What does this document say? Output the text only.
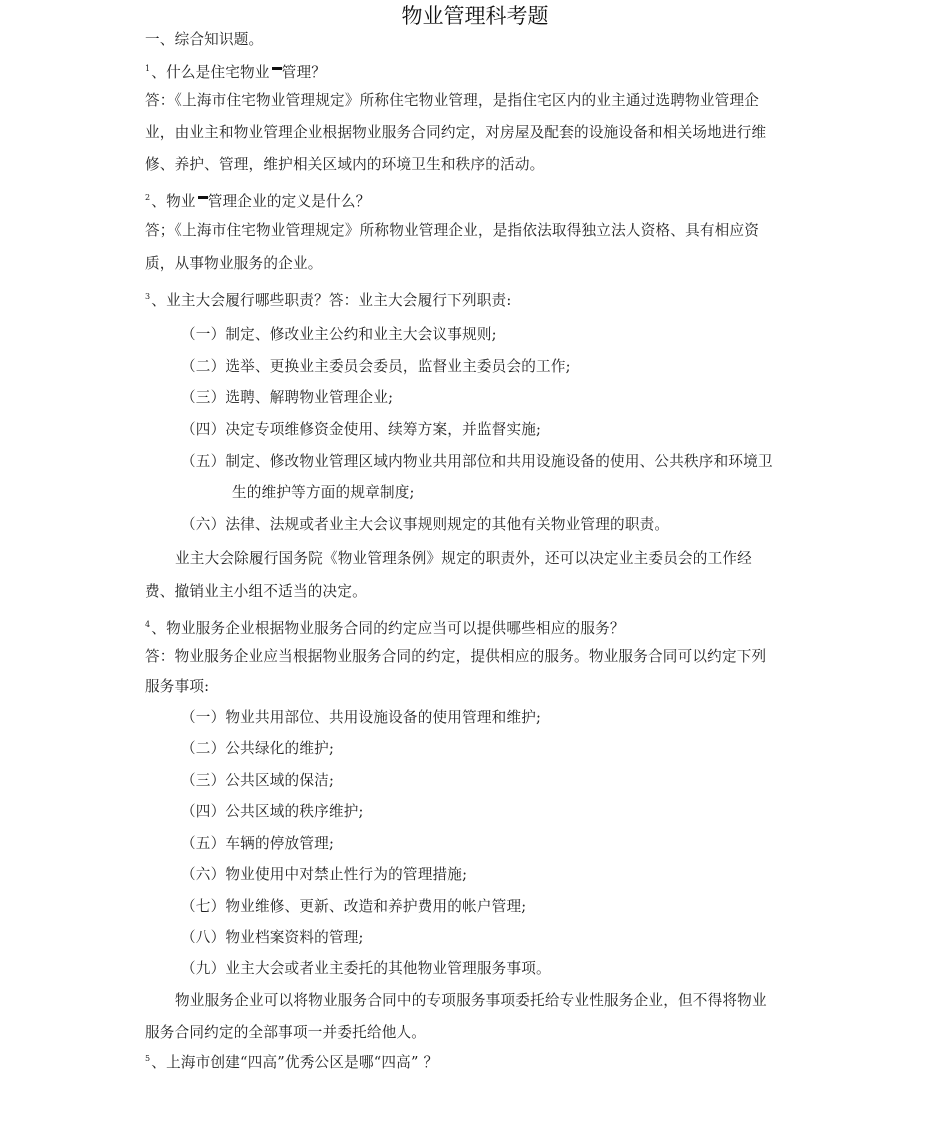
物业管理科考题
一、综合知识题。
$^1$、什么是住宅物业 管理？
答：《上海市住宅物业管理规定》所称住宅物业管理，是指住宅区内的业主通过选聘物业管理企
业，由业主和物业管理企业根据物业服务合同约定，对房屋及配套的设施设备和相关场地进行维
修、养护、管理，维护相关区域内的环境卫生和秩序的活动。
$^2$、物业 管理企业的定义是什么？
答；《上海市住宅物业管理规定》所称物业管理企业，是指依法取得独立法人资格、具有相应资
质，从事物业服务的企业。
$^3$、业主大会履行哪些职责？答：业主大会履行下列职责:
（一）制定、修改业主公约和业主大会议事规则;
（二）选举、更换业主委员会委员，监督业主委员会的工作;
（三）选聘、解聘物业管理企业;
（四）决定专项维修资金使用、续筹方案，并监督实施;
（五）制定、修改物业管理区域内物业共用部位和共用设施设备的使用、公共秩序和环境卫
生的维护等方面的规章制度;
（六）法律、法规或者业主大会议事规则规定的其他有关物业管理的职责。
业主大会除履行国务院《物业管理条例》规定的职责外，还可以决定业主委员会的工作经
费、撤销业主小组不适当的决定。
$^4$、物业服务企业根据物业服务合同的约定应当可以提供哪些相应的服务？
答：物业服务企业应当根据物业服务合同的约定，提供相应的服务。物业服务合同可以约定下列
服务事项:
（一）物业共用部位、共用设施设备的使用管理和维护;
（二）公共绿化的维护;
（三）公共区域的保洁;
（四）公共区域的秩序维护;
（五）车辆的停放管理;
（六）物业使用中对禁止性行为的管理措施;
（七）物业维修、更新、改造和养护费用的帐户管理;
（八）物业档案资料的管理;
（九）业主大会或者业主委托的其他物业管理服务事项。
物业服务企业可以将物业服务合同中的专项服务事项委托给专业性服务企业，但不得将物业
服务合同约定的全部事项一并委托给他人。
$^5$、上海市创建“四高”优秀公区是哪“四高” ？
